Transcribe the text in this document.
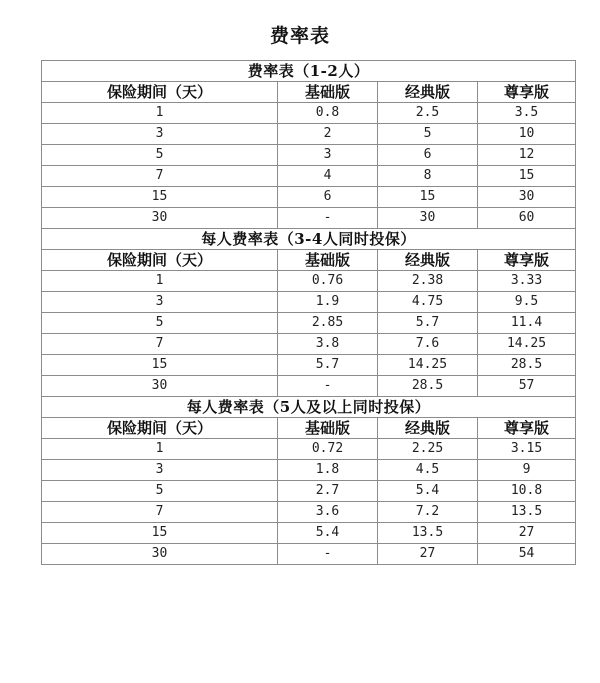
费率表
费率表（1-2人）			
保险期间（天）	基础版	经典版	尊享版
1	0.8	2.5	3.5
3	2	5	10
5	3	6	12
7	4	8	15
15	6	15	30
30	-	30	60
每人费率表（3-4人同时投保）			
保险期间（天）	基础版	经典版	尊享版
1	0.76	2.38	3.33
3	1.9	4.75	9.5
5	2.85	5.7	11.4
7	3.8	7.6	14.25
15	5.7	14.25	28.5
30	-	28.5	57
每人费率表（5人及以上同时投保）			
保险期间（天）	基础版	经典版	尊享版
1	0.72	2.25	3.15
3	1.8	4.5	9
5	2.7	5.4	10.8
7	3.6	7.2	13.5
15	5.4	13.5	27
30	-	27	54
